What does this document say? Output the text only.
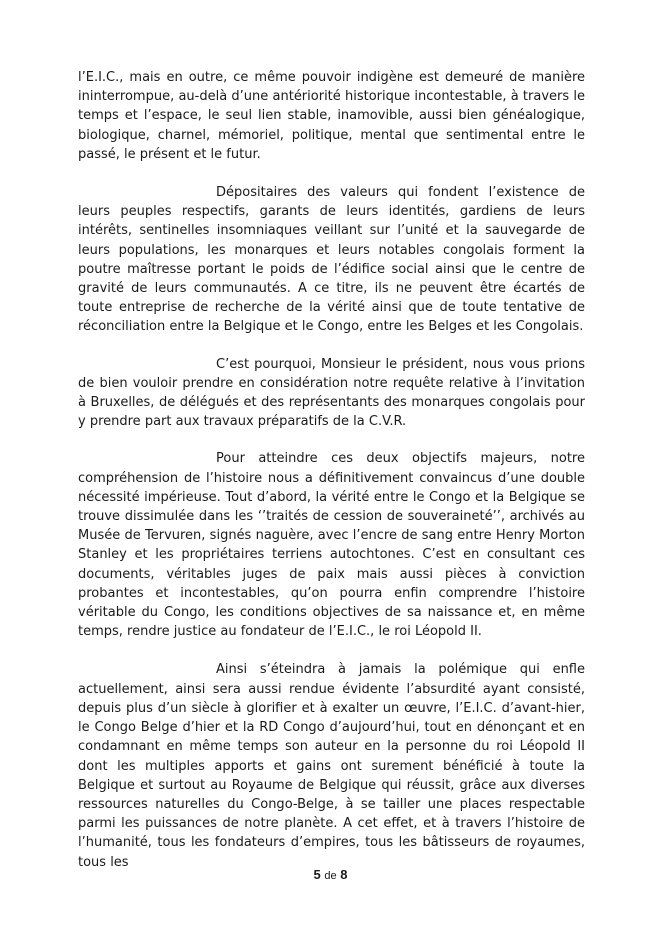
l’E.I.C., mais en outre, ce même pouvoir indigène est demeuré de manière ininterrompue, au-delà d’une antériorité historique incontestable, à travers le temps et l’espace, le seul lien stable, inamovible, aussi bien généalogique, biologique, charnel, mémoriel, politique, mental que sentimental entre le passé, le présent et le futur.

Dépositaires des valeurs qui fondent l’existence de leurs peuples respectifs, garants de leurs identités, gardiens de leurs intérêts, sentinelles insomniaques veillant sur l’unité et la sauvegarde de leurs populations, les monarques et leurs notables congolais forment la poutre maîtresse portant le poids de l’édifice social ainsi que le centre de gravité de leurs communautés. A ce titre, ils ne peuvent être écartés de toute entreprise de recherche de la vérité ainsi que de toute tentative de réconciliation entre la Belgique et le Congo, entre les Belges et les Congolais.

C’est pourquoi, Monsieur le président, nous vous prions de bien vouloir prendre en considération notre requête relative à l’invitation à Bruxelles, de délégués et des représentants des monarques congolais pour y prendre part aux travaux préparatifs de la C.V.R.

Pour atteindre ces deux objectifs majeurs, notre compréhension de l’histoire nous a définitivement convaincus d’une double nécessité impérieuse. Tout d’abord, la vérité entre le Congo et la Belgique se trouve dissimulée dans les ‘’traités de cession de souveraineté’’, archivés au Musée de Tervuren, signés naguère, avec l’encre de sang entre Henry Morton Stanley et les propriétaires terriens autochtones. C’est en consultant ces documents, véritables juges de paix mais aussi pièces à conviction probantes et incontestables, qu’on pourra enfin comprendre l’histoire véritable du Congo, les conditions objectives de sa naissance et, en même temps, rendre justice au fondateur de l’E.I.C., le roi Léopold II.

Ainsi s’éteindra à jamais la polémique qui enfle actuellement, ainsi sera aussi rendue évidente l’absurdité ayant consisté, depuis plus d’un siècle à glorifier et à exalter un œuvre, l’E.I.C. d’avant-hier, le Congo Belge d’hier et la RD Congo d’aujourd’hui, tout en dénonçant et en condamnant en même temps son auteur en la personne du roi Léopold II dont les multiples apports et gains ont surement bénéficié à toute la Belgique et surtout au Royaume de Belgique qui réussit, grâce aux diverses ressources naturelles du Congo-Belge, à se tailler une places respectable parmi les puissances de notre planète. A cet effet, et à travers l’histoire de l’humanité, tous les fondateurs d’empires, tous les bâtisseurs de royaumes, tous les

5 de 8
